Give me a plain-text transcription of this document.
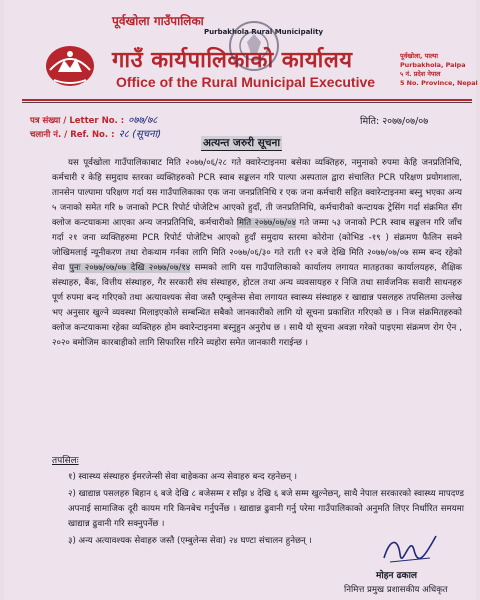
पूर्वखोला गाउँपालिका
Purbakhola Rural Municipality
गाउँ कार्यपालिकाको कार्यालय
Office of the Rural Municipal Executive
पूर्वखोला, पाल्पा
Purbakhola, Palpa
५ नं. प्रदेश नेपाल
5 No. Province, Nepal
पत्र संख्या / Letter No. : ०७७/७८
चलानी नं. / Ref. No. : २८ (सूचना)
मिति: २०७७/०७/०७
अत्यन्त जरुरी सूचना
यस पूर्वखोला गाउँपालिकाबाट मिति २०७७/०६/२८ गते क्वारेन्टाइनमा बसेका व्यक्तिहरु, नमुनाको रुपमा केहि जनप्रतिनिधि, कर्मचारी र केहि समुदाय स्तरका व्यक्तिहरुको PCR स्वाब सङ्कलन गरि पाल्पा अस्पताल द्वारा संचालित PCR परिक्षण प्रयोगशाला, तानसेन पाल्पामा परिक्षण गर्दा यस गाउँपालिकाका एक जना जनप्रतिनिधि र एक जना कर्मचारी सहित क्वारेन्टाइनमा बस्नु भएका अन्य ५ जनाको समेत गरि ७ जनाको PCR रिपोर्ट पोजेटिभ आएको हुदाँ, ती जनप्रतिनिधि, कर्मचारीको कन्टायक ट्रेसिंग गर्दा संक्रमित सँग क्लोज कन्टयाकमा आएका अन्य जनप्रतिनिधि, कर्मचारीको मिति २०७७/०७/०४ गते जम्मा ५३ जनाको PCR स्वाब सङ्कलन गरि जाँच गर्दा २१ जना व्यक्तिहरुमा PCR रिपोर्ट पोजेटिभ आएको हुदाँ समुदाय स्तरमा कोरोना (कोभिड -१९ ) संक्रमण फैलिन सक्ने जोखिमलाई न्यूनीकरण तथा रोकथाम गर्नका लागि मिति २०७७/०६/३० गते राती १२ बजे देखि मिति २०७७/०७/०७ सम्म बन्द रहेको सेवा पुनः २०७७/०७/०७ देखि २०७७/०७/१४ सम्मको लागि यस गाउँपालिकाको कार्यालय लगायत मातहतका कार्यालयहरु, शैक्षिक संस्थाहरु, बैंक, वित्तीय संस्थाहरु, गैर सरकारी संघ संस्थाहरु, होटल तथा अन्य व्यवसायहरु र निजि तथा सार्वजनिक सवारी साधनहरु पूर्ण रुपमा बन्द गरिएको तथा अत्यावश्यक सेवा जस्तै एम्बुलेन्स सेवा लगायत स्वास्थ्य संस्थाहरु र खाद्यान्न पसलहरु तपसिलमा उल्लेख भए अनुसार खुल्ने व्यवस्था मिलाइएकोले सम्बन्धित सबैको जानकारीको लागि यो सूचना प्रकाशित गरिएको छ । निज संक्रमितहरुको क्लोज कन्टयाकमा रहेका व्यक्तिहरु होम क्वारेन्टाइनमा बस्नुहुन अनुरोध छ । साथै यो सूचना अवज्ञा गरेको पाइएमा संक्रमण रोग ऐन , २०२० बमोजिम कारबाहीको लागि सिफारिस गरिने व्यहोरा समेत जानकारी गराईन्छ ।
तपसिलः

१) स्वास्थ्य संस्थाहरु ईमरजेन्सी सेवा बाहेकका अन्य सेवाहरु बन्द रहनेछन् ।

२) खाद्यान्न पसलहरु बिहान ६ बजे देखि ८ बजेसम्म र साँझ ४ देखि ६ बजे सम्म खुल्नेछन्, साथै नेपाल सरकारको स्वास्थ्य मापदण्ड अपनाई सामाजिक दूरी कायम गरि किनबेच गर्नुपर्नेछ । खाद्यान्न ढुवानी गर्नु परेमा गाउँपालिकाको अनुमति लिएर निर्धारित समयमा खाद्यान्न ढुवानी गरि सक्नुपर्नेछ ।

३) अन्य अत्यावश्यक सेवाहरु जस्तै (एम्बुलेन्स सेवा) २४ घण्टा संचालन हुनेछन् ।

मोहन ढकाल
निमित्त प्रमुख प्रशासकीय अधिकृत
